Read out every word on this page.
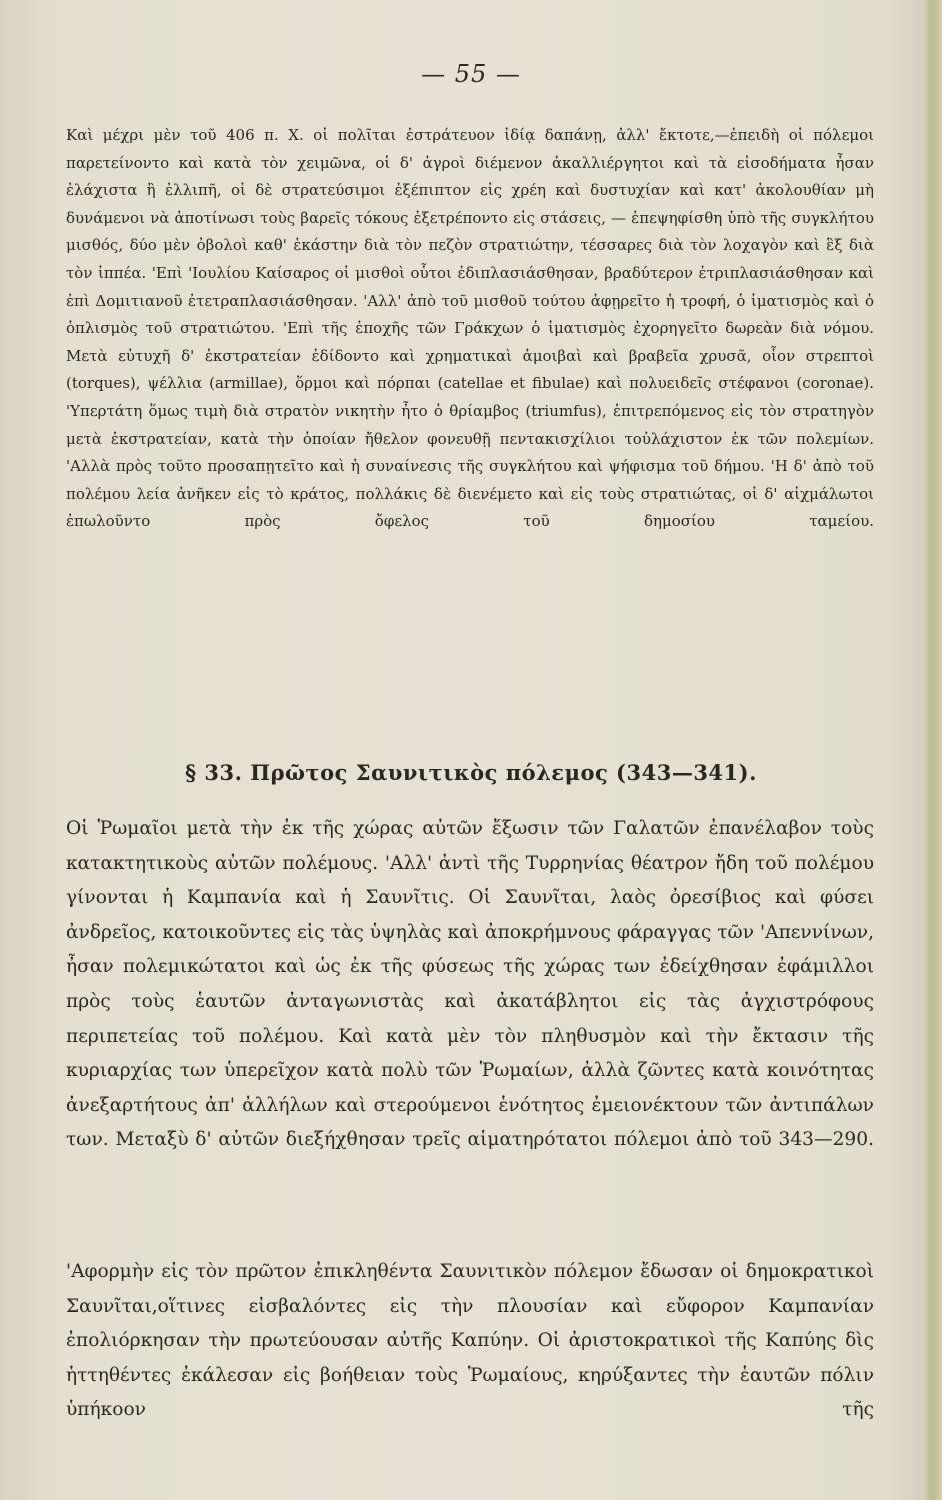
— 55 —

Καὶ μέχρι μὲν τοῦ 406 π. Χ. οἱ πολῖται ἐστράτευον ἰδίᾳ δαπάνῃ, ἀλλ' ἔκτοτε,—ἐπειδὴ οἱ πόλεμοι παρετείνοντο καὶ κατὰ τὸν χειμῶνα, οἱ δ' ἀγροὶ διέμενον ἀκαλλιέργητοι καὶ τὰ εἰσοδήματα ἦσαν ἐλάχιστα ἢ ἐλλιπῆ, οἱ δὲ στρατεύσιμοι ἐξέπιπτον εἰς χρέη καὶ δυστυχίαν καὶ κατ' ἀκολουθίαν μὴ δυνάμενοι νὰ ἀποτίνωσι τοὺς βαρεῖς τόκους ἐξετρέποντο εἰς στάσεις, — ἐπεψηφίσθη ὑπὸ τῆς συγκλήτου μισθός, δύο μὲν ὀβολοὶ καθ' ἑκάστην διὰ τὸν πεζὸν στρατιώτην, τέσσαρες διὰ τὸν λοχαγὸν καὶ ἓξ διὰ τὸν ἱππέα. 'Επὶ 'Ιουλίου Καίσαρος οἱ μισθοὶ οὗτοι ἐδιπλασιάσθησαν, βραδύτερον ἐτριπλασιάσθησαν καὶ ἐπὶ Δομιτιανοῦ ἐτετραπλασιάσθησαν. 'Αλλ' ἀπὸ τοῦ μισθοῦ τούτου ἀφῃρεῖτο ἡ τροφή, ὁ ἱματισμὸς καὶ ὁ ὁπλισμὸς τοῦ στρατιώτου. 'Επὶ τῆς ἐποχῆς τῶν Γράκχων ὁ ἱματισμὸς ἐχορηγεῖτο δωρεὰν διὰ νόμου. Μετὰ εὐτυχῆ δ' ἐκστρατείαν ἐδίδοντο καὶ χρηματικαὶ ἀμοιβαὶ καὶ βραβεῖα χρυσᾶ, οἷον στρεπτοὶ (torques), ψέλλια (armillae), ὅρμοι καὶ πόρπαι (catellae et fibulae) καὶ πολυειδεῖς στέφανοι (coronae). 'Υπερτάτη ὅμως τιμὴ διὰ στρατὸν νικητὴν ἦτο ὁ θρίαμβος (triumfus), ἐπιτρεπόμενος εἰς τὸν στρατηγὸν μετὰ ἐκστρατείαν, κατὰ τὴν ὁποίαν ἤθελον φονευθῇ πεντακισχίλιοι τοὐλάχιστον ἐκ τῶν πολεμίων. 'Αλλὰ πρὸς τοῦτο προσαπῃτεῖτο καὶ ἡ συναίνεσις τῆς συγκλήτου καὶ ψήφισμα τοῦ δήμου. 'Η δ' ἀπὸ τοῦ πολέμου λεία ἀνῆκεν εἰς τὸ κράτος, πολλάκις δὲ διενέμετο καὶ εἰς τοὺς στρατιώτας, οἱ δ' αἰχμάλωτοι ἐπωλοῦντο πρὸς ὄφελος τοῦ δημοσίου ταμείου.

§ 33. Πρῶτος Σαυνιτικὸς πόλεμος (343—341).

Οἱ Ῥωμαῖοι μετὰ τὴν ἐκ τῆς χώρας αὐτῶν ἔξωσιν τῶν Γαλατῶν ἐπανέλαβον τοὺς κατακτητικοὺς αὐτῶν πολέμους. 'Αλλ' ἀντὶ τῆς Τυρρηνίας θέατρον ἤδη τοῦ πολέμου γίνονται ἡ Καμπανία καὶ ἡ Σαυνῖτις. Οἱ Σαυνῖται, λαὸς ὀρεσίβιος καὶ φύσει ἀνδρεῖος, κατοικοῦντες εἰς τὰς ὑψηλὰς καὶ ἀποκρήμνους φάραγγας τῶν 'Απεννίνων, ἦσαν πολεμικώτατοι καὶ ὡς ἐκ τῆς φύσεως τῆς χώρας των ἐδείχθησαν ἐφάμιλλοι πρὸς τοὺς ἑαυτῶν ἀνταγωνιστὰς καὶ ἀκατάβλητοι εἰς τὰς ἀγχιστρόφους περιπετείας τοῦ πολέμου. Καὶ κατὰ μὲν τὸν πληθυσμὸν καὶ τὴν ἔκτασιν τῆς κυριαρχίας των ὑπερεῖχον κατὰ πολὺ τῶν Ῥωμαίων, ἀλλὰ ζῶντες κατὰ κοινότητας ἀνεξαρτήτους ἀπ' ἀλλήλων καὶ στερούμενοι ἑνότητος ἐμειονέκτουν τῶν ἀντιπάλων των. Μεταξὺ δ' αὐτῶν διεξήχθησαν τρεῖς αἱματηρότατοι πόλεμοι ἀπὸ τοῦ 343—290.

'Αφορμὴν εἰς τὸν πρῶτον ἐπικληθέντα Σαυνιτικὸν πόλεμον ἔδωσαν οἱ δημοκρατικοὶ Σαυνῖται,οἵτινες εἰσβαλόντες εἰς τὴν πλουσίαν καὶ εὔφορον Καμπανίαν ἐπολιόρκησαν τὴν πρωτεύουσαν αὐτῆς Καπύην. Οἱ ἀριστοκρατικοὶ τῆς Καπύης δὶς ἡττηθέντες ἐκάλεσαν εἰς βοήθειαν τοὺς Ῥωμαίους, κηρύξαντες τὴν ἑαυτῶν πόλιν ὑπήκοον τῆς
